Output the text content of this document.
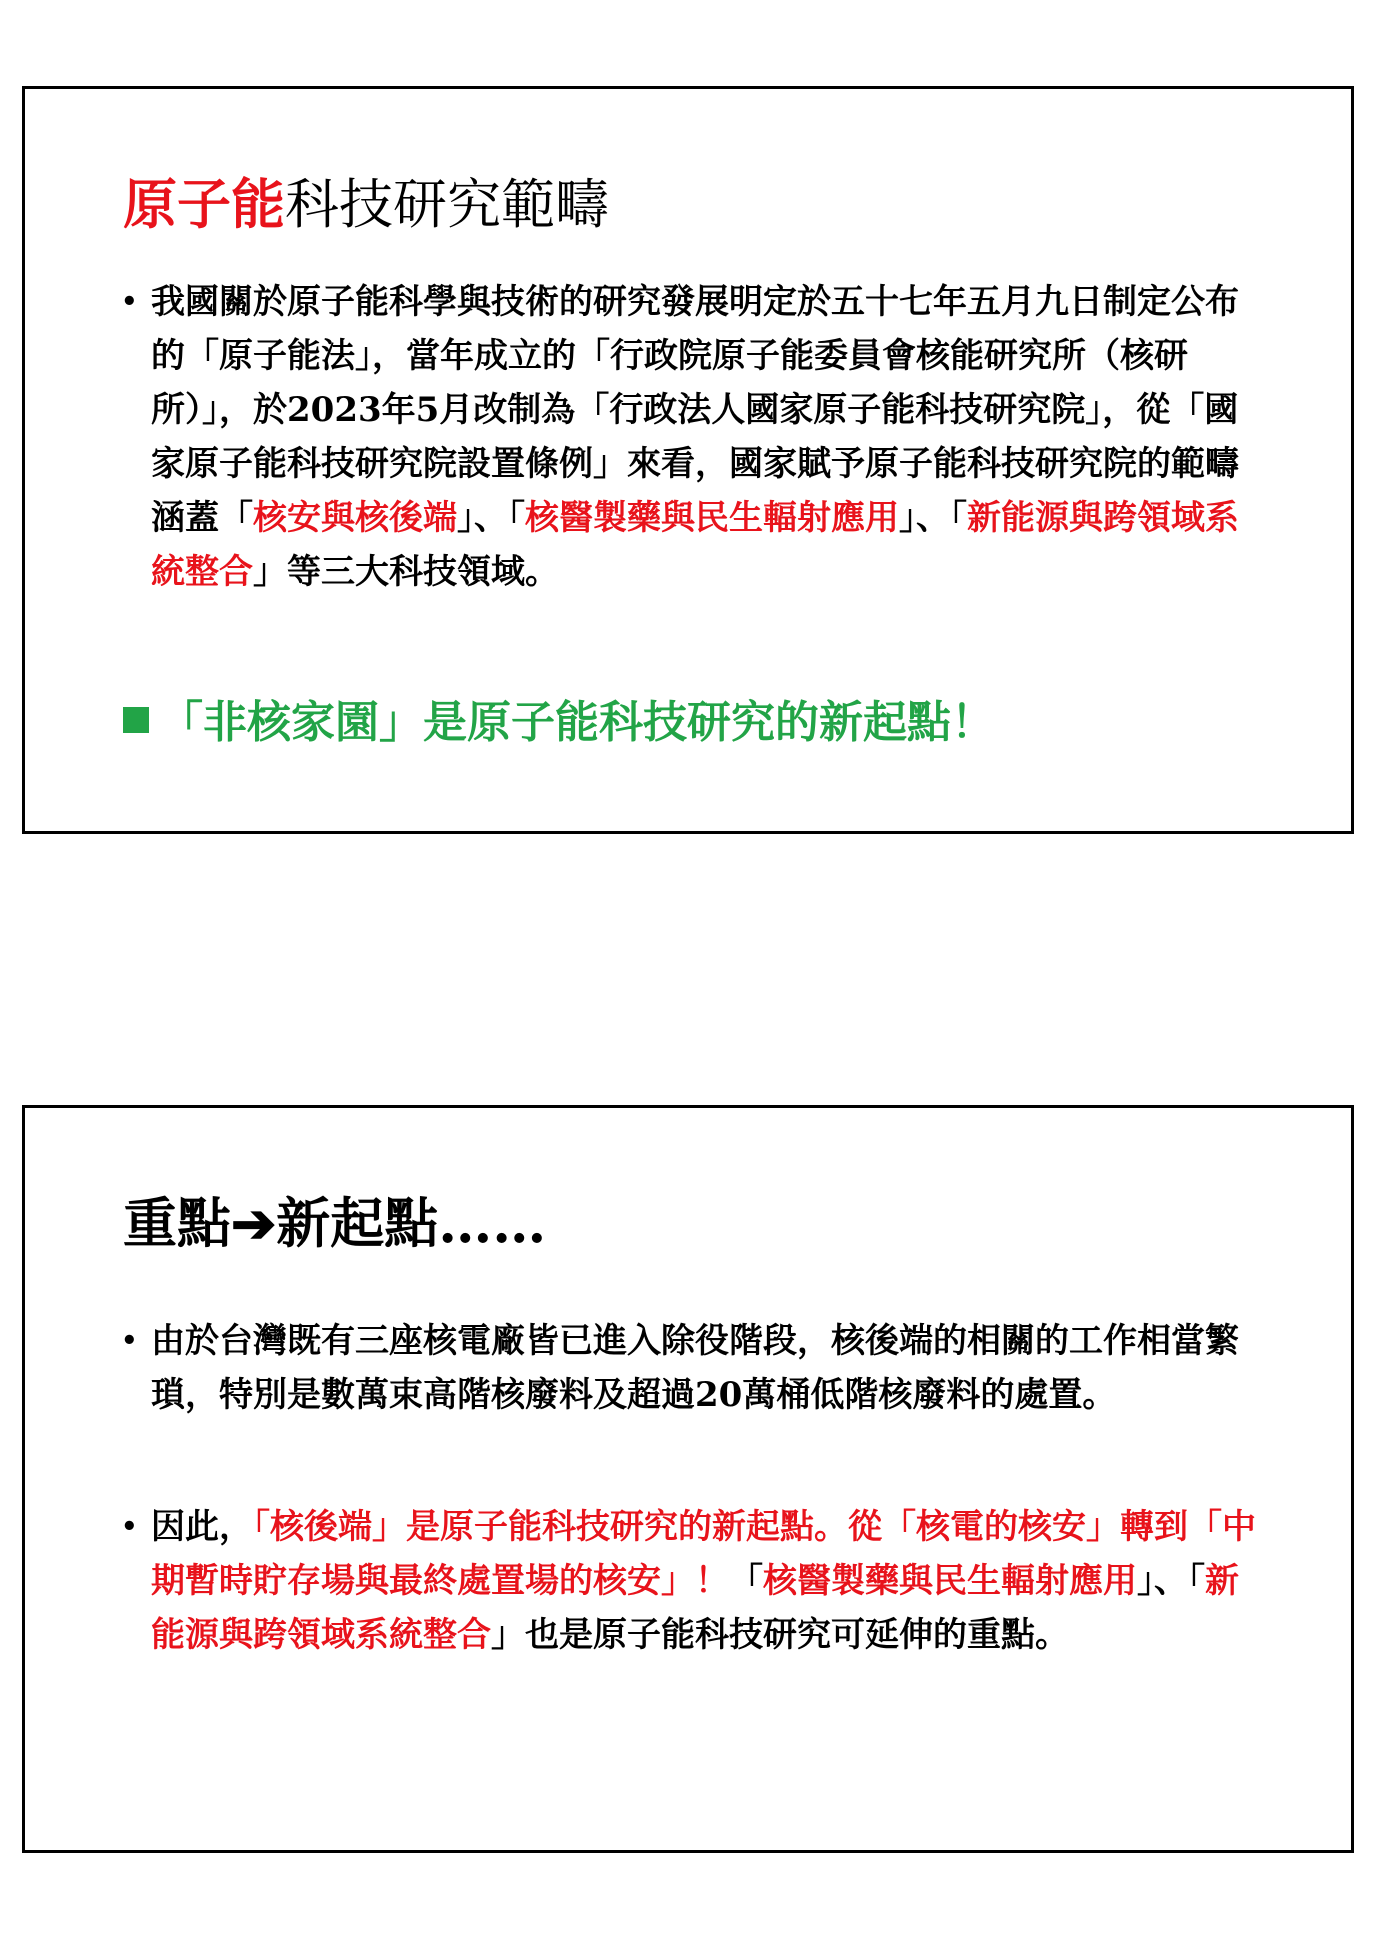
原子能科技研究範疇
• 我國關於原子能科學與技術的研究發展明定於五十七年五月九日制定公布的「原子能法」，當年成立的「行政院原子能委員會核能研究所（核研所）」，於2023年5月改制為「行政法人國家原子能科技研究院」，從「國家原子能科技研究院設置條例」來看，國家賦予原子能科技研究院的範疇涵蓋「核安與核後端」、「核醫製藥與民生輻射應用」、「新能源與跨領域系統整合」等三大科技領域。
「非核家園」是原子能科技研究的新起點！
重點➔新起點……
• 由於台灣既有三座核電廠皆已進入除役階段，核後端的相關的工作相當繁瑣，特別是數萬束高階核廢料及超過20萬桶低階核廢料的處置。
• 因此，「核後端」是原子能科技研究的新起點。從「核電的核安」轉到「中期暫時貯存場與最終處置場的核安」！「核醫製藥與民生輻射應用」、「新能源與跨領域系統整合」也是原子能科技研究可延伸的重點。
